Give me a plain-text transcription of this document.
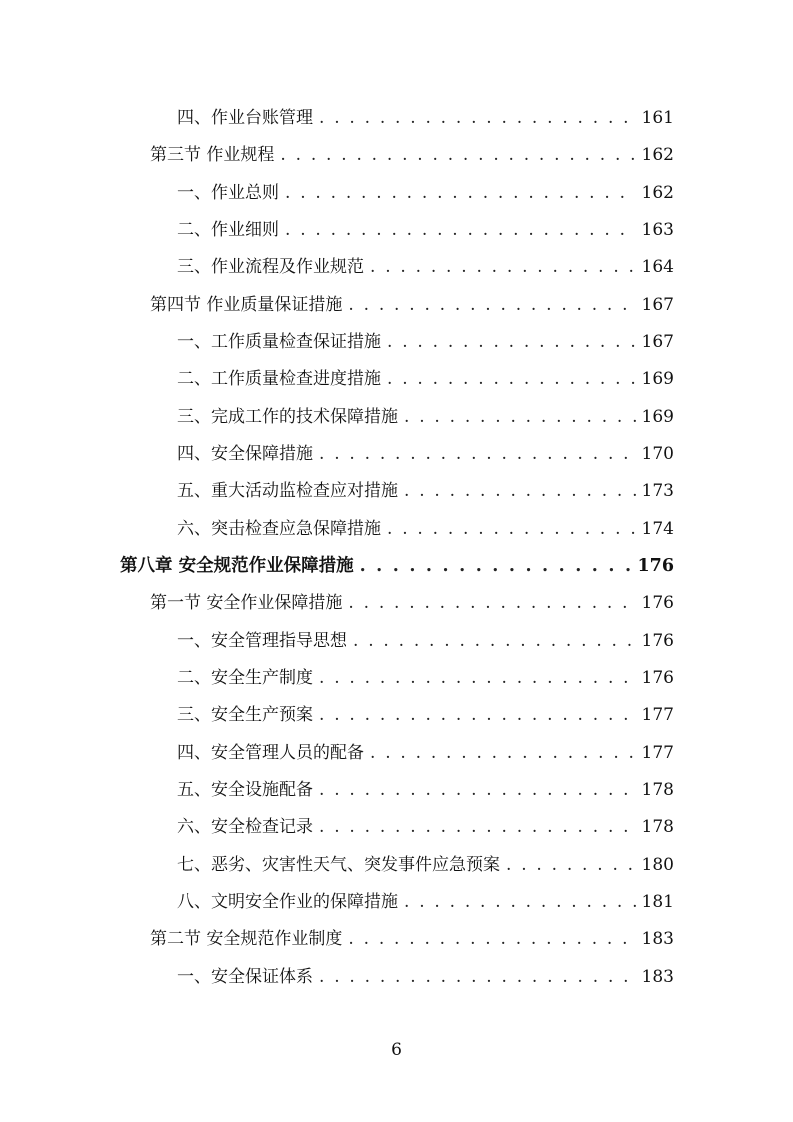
四、作业台账管理 . . .	161
第三节 作业规程 . . .	162
一、作业总则 . . .	162
二、作业细则 . . .	163
三、作业流程及作业规范 . . .	164
第四节 作业质量保证措施 . . .	167
一、工作质量检查保证措施 . . .	167
二、工作质量检查进度措施 . . .	169
三、完成工作的技术保障措施 . . .	169
四、安全保障措施 . . .	170
五、重大活动监检查应对措施 . . .	173
六、突击检查应急保障措施 . . .	174
第八章 安全规范作业保障措施 . . .	176
第一节 安全作业保障措施 . . .	176
一、安全管理指导思想 . . .	176
二、安全生产制度 . . .	176
三、安全生产预案 . . .	177
四、安全管理人员的配备 . . .	177
五、安全设施配备 . . .	178
六、安全检查记录 . . .	178
七、恶劣、灾害性天气、突发事件应急预案 . . .	180
八、文明安全作业的保障措施 . . .	181
第二节 安全规范作业制度 . . .	183
一、安全保证体系 . . .	183
6
